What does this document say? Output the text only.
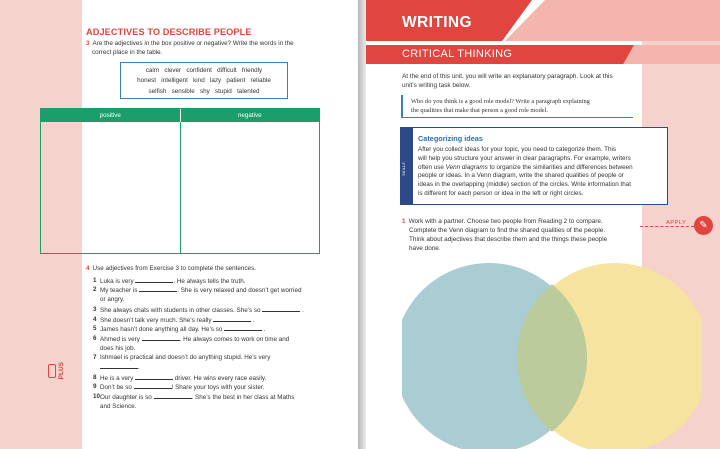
ADJECTIVES TO DESCRIBE PEOPLE
3 Are the adjectives in the box positive or negative? Write the words in the
correct place in the table.
calm   clever   confident   difficult   friendly
honest   intelligent   kind   lazy   patient   reliable
selfish   sensible   shy   stupid   talented
positive	negative
4 Use adjectives from Exercise 3 to complete the sentences.
1 Luka is very	. He always tells the truth.
2 My teacher is	. She is very relaxed and doesn’t get worried
or angry.
3 She always chats with students in other classes. She’s so	.
4 She doesn’t talk very much. She’s really	.
5 James hasn’t done anything all day. He’s so	.
6 Ahmed is very	. He always comes to work on time and
does his job.
7 Ishmael is practical and doesn’t do anything stupid. He’s very
.
8 He is a very	driver. He wins every race easily.
9 Don’t be so	! Share your toys with your sister.
10 Our daughter is so	. She’s the best in her class at Maths
and Science.
PLUS
WRITING
CRITICAL THINKING
At the end of this unit, you will write an explanatory paragraph. Look at this
unit’s writing task below.
Who do you think is a good role model? Write a paragraph explaining
the qualities that make that person a good role model.
SKILLS
Categorizing ideas
After you collect ideas for your topic, you need to categorize them. This
will help you structure your answer in clear paragraphs. For example, writers
often use Venn diagrams to organize the similarities and differences between
people or ideas. In a Venn diagram, write the shared qualities of people or
ideas in the overlapping (middle) section of the circles. Write information that
is different for each person or idea in the left or right circles.
APPLY	✎
1 Work with a partner. Choose two people from Reading 2 to compare.
Complete the Venn diagram to find the shared qualities of the people.
Think about adjectives that describe them and the things these people
have done.
